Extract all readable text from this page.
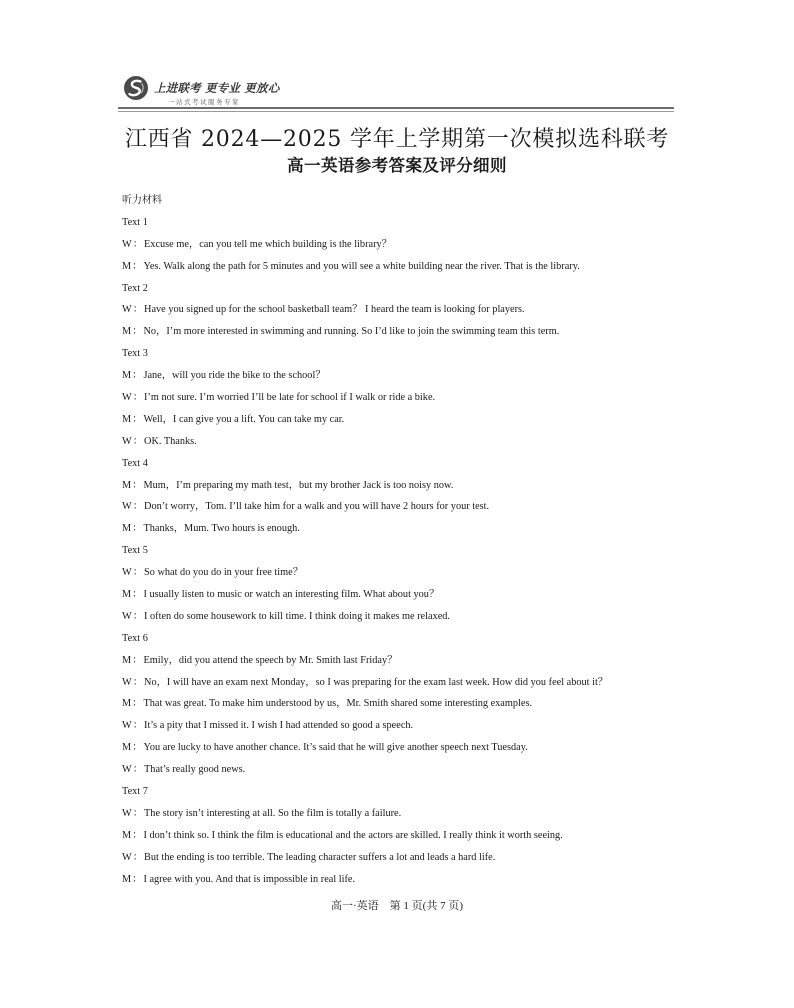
上进联考 更专业 更放心
一站式考试服务专家
江西省 2024—2025 学年上学期第一次模拟选科联考
高一英语参考答案及评分细则
听力材料
Text 1
W：Excuse me，can you tell me which building is the library？
M：Yes. Walk along the path for 5 minutes and you will see a white building near the river. That is the library.
Text 2
W：Have you signed up for the school basketball team？ I heard the team is looking for players.
M：No，I’m more interested in swimming and running. So I’d like to join the swimming team this term.
Text 3
M：Jane，will you ride the bike to the school？
W：I’m not sure. I’m worried I’ll be late for school if I walk or ride a bike.
M：Well，I can give you a lift. You can take my car.
W：OK. Thanks.
Text 4
M：Mum，I’m preparing my math test，but my brother Jack is too noisy now.
W：Don’t worry，Tom. I’ll take him for a walk and you will have 2 hours for your test.
M：Thanks，Mum. Two hours is enough.
Text 5
W：So what do you do in your free time？
M：I usually listen to music or watch an interesting film. What about you？
W：I often do some housework to kill time. I think doing it makes me relaxed.
Text 6
M：Emily，did you attend the speech by Mr. Smith last Friday？
W：No，I will have an exam next Monday，so I was preparing for the exam last week. How did you feel about it？
M：That was great. To make him understood by us，Mr. Smith shared some interesting examples.
W：It’s a pity that I missed it. I wish I had attended so good a speech.
M：You are lucky to have another chance. It’s said that he will give another speech next Tuesday.
W：That’s really good news.
Text 7
W：The story isn’t interesting at all. So the film is totally a failure.
M：I don’t think so. I think the film is educational and the actors are skilled. I really think it worth seeing.
W：But the ending is too terrible. The leading character suffers a lot and leads a hard life.
M：I agree with you. And that is impossible in real life.
高一·英语　第 1 页(共 7 页)
